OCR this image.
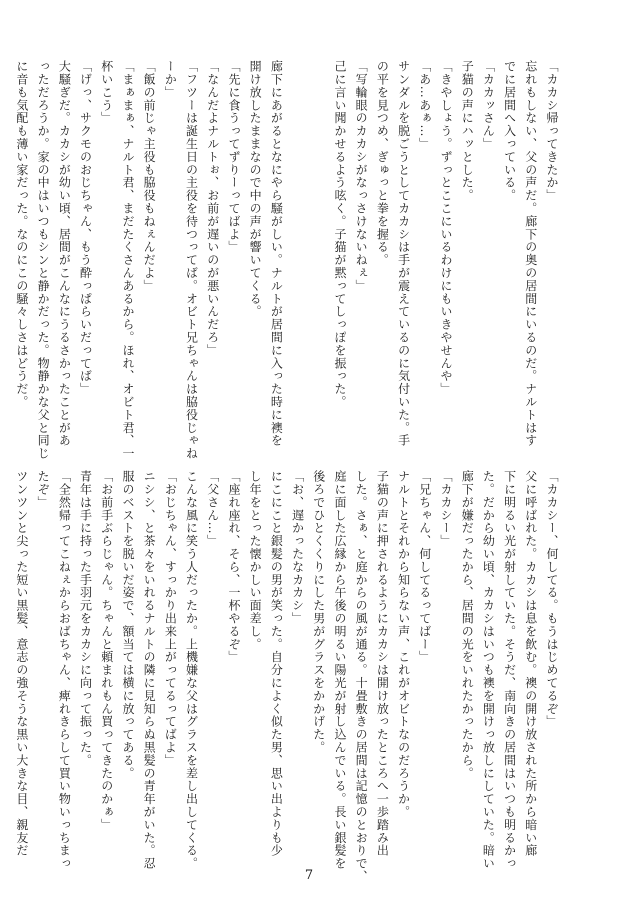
「カカシ帰ってきたか」
忘れもしない、父の声だ。廊下の奥の居間にいるのだ。ナルトはす
でに居間へ入っている。
「カカッさん」
子猫の声にハッとした。
「きやしょう。ずっとここにいるわけにもいきやせんや」
「あ…あぁ…」
サンダルを脱ごうとしてカカシは手が震えているのに気付いた。手
の平を見つめ、ぎゅっと拳を握る。
「写輪眼のカカシがなっさけないねぇ」
己に言い聞かせるよう呟く。子猫が黙ってしっぽを振った。

廊下にあがるとなにやら騒がしい。ナルトが居間に入った時に襖を
開け放したままなので中の声が響いてくる。
「先に食うってずりーってばよ」
「なんだよナルトぉ、お前が遅いのが悪いんだろ」
「フツーは誕生日の主役を待つってば。オビト兄ちゃんは脇役じゃね
ーか」
「飯の前じゃ主役も脇役もねぇんだよ」
「まぁまぁ、ナルト君、まだたくさんあるから。ほれ、オビト君、一
杯いこう」
「げっ、サクモのおじちゃん、もう酔っぱらいだってば」
大騒ぎだ。カカシが幼い頃、居間がこんなにうるさかったことがあ
っただろうか。家の中はいつもシンと静かだった。物静かな父と同じ
に音も気配も薄い家だった。なのにこの騒々しさはどうだ。
「カカシー、何してる。もうはじめてるぞ」
父に呼ばれた。カカシは息を飲む。襖の開け放された所から暗い廊
下に明るい光が射していた。そうだ、南向きの居間はいつも明るかっ
た。だから幼い頃、カカシはいつも襖を開けっ放しにしていた。暗い
廊下が嫌だったから、居間の光をいれたかったから。
「カカシー」
「兄ちゃん、何してるってばー」
ナルトとそれから知らない声、これがオビトなのだろうか。
子猫の声に押されるようにカカシは開け放ったところへ一歩踏み出
した。さぁ、と庭からの風が通る。十畳敷きの居間は記憶のとおりで、
庭に面した広縁から午後の明るい陽光が射し込んでいる。長い銀髪を
後ろでひとくくりにした男がグラスをかかげた。
「お、遅かったなカカシ」
にこにこと銀髪の男が笑った。自分によく似た男、思い出よりも少
し年をとった懐かしい面差し。
「座れ座れ、そら、一杯やるぞ」
「父さん…」
こんな風に笑う人だったか。上機嫌な父はグラスを差し出してくる。
「おじちゃん、すっかり出来上がってるってばよ」
ニシシ、と茶々をいれるナルトの隣に見知らぬ黒髪の青年がいた。忍
服のベストを脱いだ姿で、額当ては横に放ってある。
「お前手ぶらじゃん。ちゃんと頼まれもん買ってきたのかぁ」
青年は手に持った手羽元をカカシに向って振った。
「全然帰ってこねぇからおばちゃん、痺れきらして買い物いっちまっ
たぞ」
ツンツンと尖った短い黒髪、意志の強そうな黒い大きな目、親友だ
7
